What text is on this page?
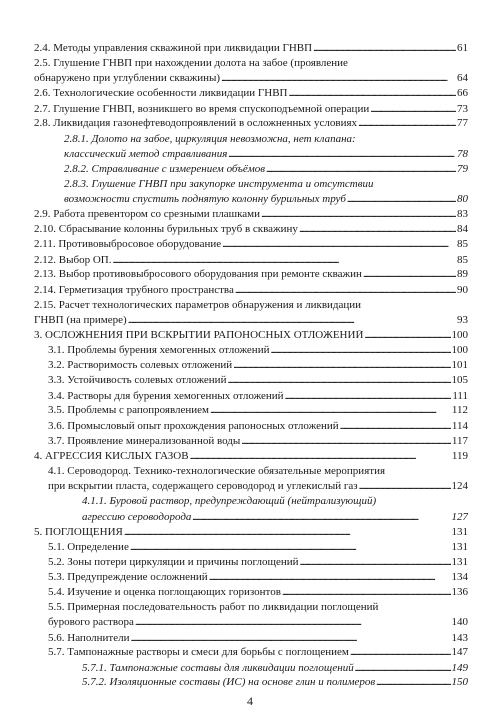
2.4. Методы управления скважиной при ликвидации ГНВП . . .	61
2.5. Глушение ГНВП при нахождении долота на забое (проявление
обнаружено при углублении скважины) . . .	64
2.6. Технологические особенности ликвидации ГНВП . . .	66
2.7. Глушение ГНВП, возникшего во время спускоподъемной операции . . .	73
2.8. Ликвидация газонефтеводопроявлений в осложненных условиях . . .	77
2.8.1. Долото на забое, циркуляция невозможна, нет клапана:
классический метод стравливания . . .	78
2.8.2. Стравливание с измерением объёмов . . .	79
2.8.3. Глушение ГНВП при закупорке инструмента и отсутствии
возможности спустить поднятую колонну бурильных труб . . .	80
2.9. Работа превентором со срезными плашками . . .	83
2.10. Сбрасывание колонны бурильных труб в скважину . . .	84
2.11. Противовыбросовое оборудование . . .	85
2.12. Выбор ОП. . . .	85
2.13. Выбор противовыбросового оборудования при ремонте скважин . . .	89
2.14. Герметизация трубного пространства . . .	90
2.15. Расчет технологических параметров обнаружения и ликвидации
ГНВП (на примере) . . .	93
3. ОСЛОЖНЕНИЯ ПРИ ВСКРЫТИИ РАПОНОСНЫХ ОТЛОЖЕНИЙ . . .	100
3.1. Проблемы бурения хемогенных отложений . . .	100
3.2. Растворимость солевых отложений . . .	101
3.3. Устойчивость солевых отложений . . .	105
3.4. Растворы для бурения хемогенных отложений . . .	111
3.5. Проблемы с рапопроявлением . . .	112
3.6. Промысловый опыт прохождения рапоносных отложений . . .	114
3.7. Проявление минерализованной воды . . .	117
4. АГРЕССИЯ КИСЛЫХ ГАЗОВ . . .	119
4.1. Сероводород. Технико-технологические обязательные мероприятия
при вскрытии пласта, содержащего сероводород и углекислый газ . . .	124
4.1.1. Буровой раствор, предупреждающий (нейтрализующий)
агрессию сероводорода . . .	127
5. ПОГЛОЩЕНИЯ . . .	131
5.1. Определение . . .	131
5.2. Зоны потери циркуляции и причины поглощений . . .	131
5.3. Предупреждение осложнений . . .	134
5.4. Изучение и оценка поглощающих горизонтов . . .	136
5.5. Примерная последовательность работ по ликвидации поглощений
бурового раствора . . .	140
5.6. Наполнители . . .	143
5.7. Тампонажные растворы и смеси для борьбы с поглощением . . .	147
5.7.1. Тампонажные составы для ликвидации поглощений . . .	149
5.7.2. Изоляционные составы (ИС) на основе глин и полимеров . . .	150
4
